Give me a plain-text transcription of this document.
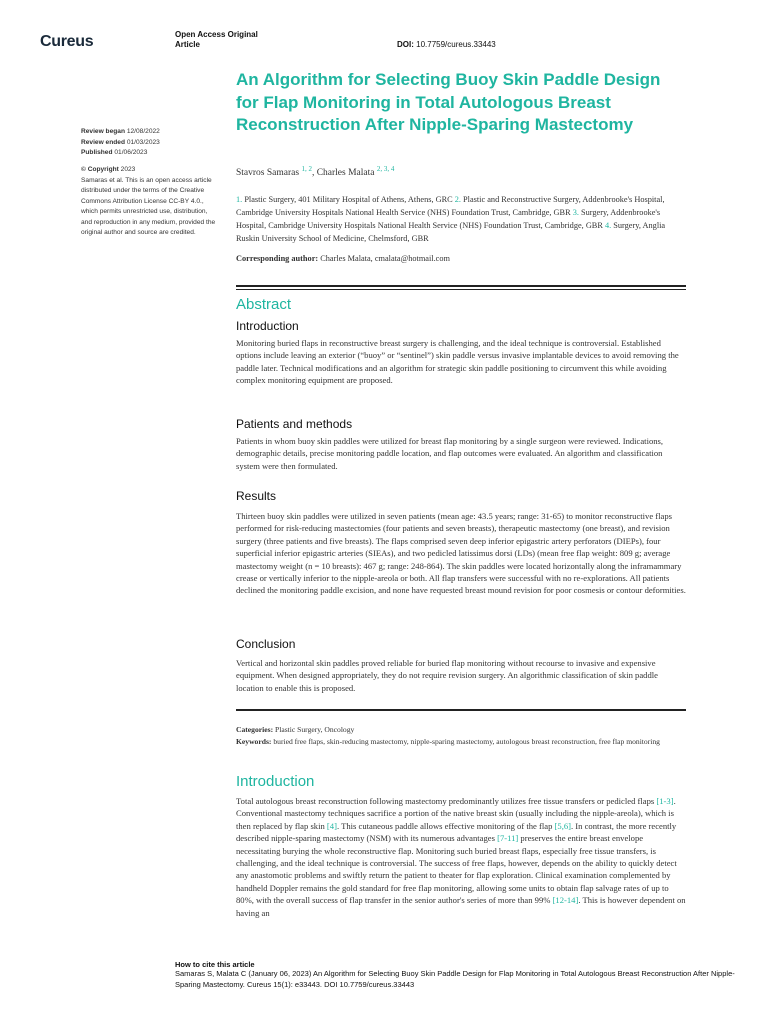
Cureus	Open Access Original
Article	DOI: 10.7759/cureus.33443
An Algorithm for Selecting Buoy Skin Paddle Design for Flap Monitoring in Total Autologous Breast Reconstruction After Nipple-Sparing Mastectomy
Stavros Samaras $^{1, 2}$, Charles Malata $^{2, 3, 4}$
1. Plastic Surgery, 401 Military Hospital of Athens, Athens, GRC 2. Plastic and Reconstructive Surgery, Addenbrooke's Hospital, Cambridge University Hospitals National Health Service (NHS) Foundation Trust, Cambridge, GBR 3. Surgery, Addenbrooke's Hospital, Cambridge University Hospitals National Health Service (NHS) Foundation Trust, Cambridge, GBR 4. Surgery, Anglia Ruskin University School of Medicine, Chelmsford, GBR
Corresponding author: Charles Malata, cmalata@hotmail.com
Review began 12/08/2022
Review ended 01/03/2023
Published 01/06/2023
© Copyright 2023
Samaras et al. This is an open access article distributed under the terms of the Creative Commons Attribution License CC-BY 4.0., which permits unrestricted use, distribution, and reproduction in any medium, provided the original author and source are credited.
Abstract
Introduction
Monitoring buried flaps in reconstructive breast surgery is challenging, and the ideal technique is controversial. Established options include leaving an exterior (“buoy” or “sentinel”) skin paddle versus invasive implantable devices to avoid removing the paddle later. Technical modifications and an algorithm for strategic skin paddle positioning to circumvent this while avoiding complex monitoring equipment are proposed.
Patients and methods
Patients in whom buoy skin paddles were utilized for breast flap monitoring by a single surgeon were reviewed. Indications, demographic details, precise monitoring paddle location, and flap outcomes were evaluated. An algorithm and classification system were then formulated.
Results
Thirteen buoy skin paddles were utilized in seven patients (mean age: 43.5 years; range: 31-65) to monitor reconstructive flaps performed for risk-reducing mastectomies (four patients and seven breasts), therapeutic mastectomy (one breast), and revision surgery (three patients and five breasts). The flaps comprised seven deep inferior epigastric artery perforators (DIEPs), four superficial inferior epigastric arteries (SIEAs), and two pedicled latissimus dorsi (LDs) (mean free flap weight: 809 g; average mastectomy weight (n = 10 breasts): 467 g; range: 248-864). The skin paddles were located horizontally along the inframammary crease or vertically inferior to the nipple-areola or both. All flap transfers were successful with no re-explorations. All patients declined the monitoring paddle excision, and none have requested breast mound revision for poor cosmesis or contour deformities.
Conclusion
Vertical and horizontal skin paddles proved reliable for buried flap monitoring without recourse to invasive and expensive equipment. When designed appropriately, they do not require revision surgery. An algorithmic classification of skin paddle location to enable this is proposed.
Categories: Plastic Surgery, Oncology
Keywords: buried free flaps, skin-reducing mastectomy, nipple-sparing mastectomy, autologous breast reconstruction, free flap monitoring
Introduction
Total autologous breast reconstruction following mastectomy predominantly utilizes free tissue transfers or pedicled flaps [1-3]. Conventional mastectomy techniques sacrifice a portion of the native breast skin (usually including the nipple-areola), which is then replaced by flap skin [4]. This cutaneous paddle allows effective monitoring of the flap [5,6]. In contrast, the more recently described nipple-sparing mastectomy (NSM) with its numerous advantages [7-11] preserves the entire breast envelope necessitating burying the whole reconstructive flap. Monitoring such buried breast flaps, especially free tissue transfers, is challenging, and the ideal technique is controversial. The success of free flaps, however, depends on the ability to quickly detect any anastomotic problems and swiftly return the patient to theater for flap exploration. Clinical examination complemented by handheld Doppler remains the gold standard for free flap monitoring, allowing some units to obtain flap salvage rates of up to 80%, with the overall success of flap transfer in the senior author's series of more than 99% [12-14]. This is however dependent on having an
How to cite this article
Samaras S, Malata C (January 06, 2023) An Algorithm for Selecting Buoy Skin Paddle Design for Flap Monitoring in Total Autologous Breast Reconstruction After Nipple-Sparing Mastectomy. Cureus 15(1): e33443. DOI 10.7759/cureus.33443
